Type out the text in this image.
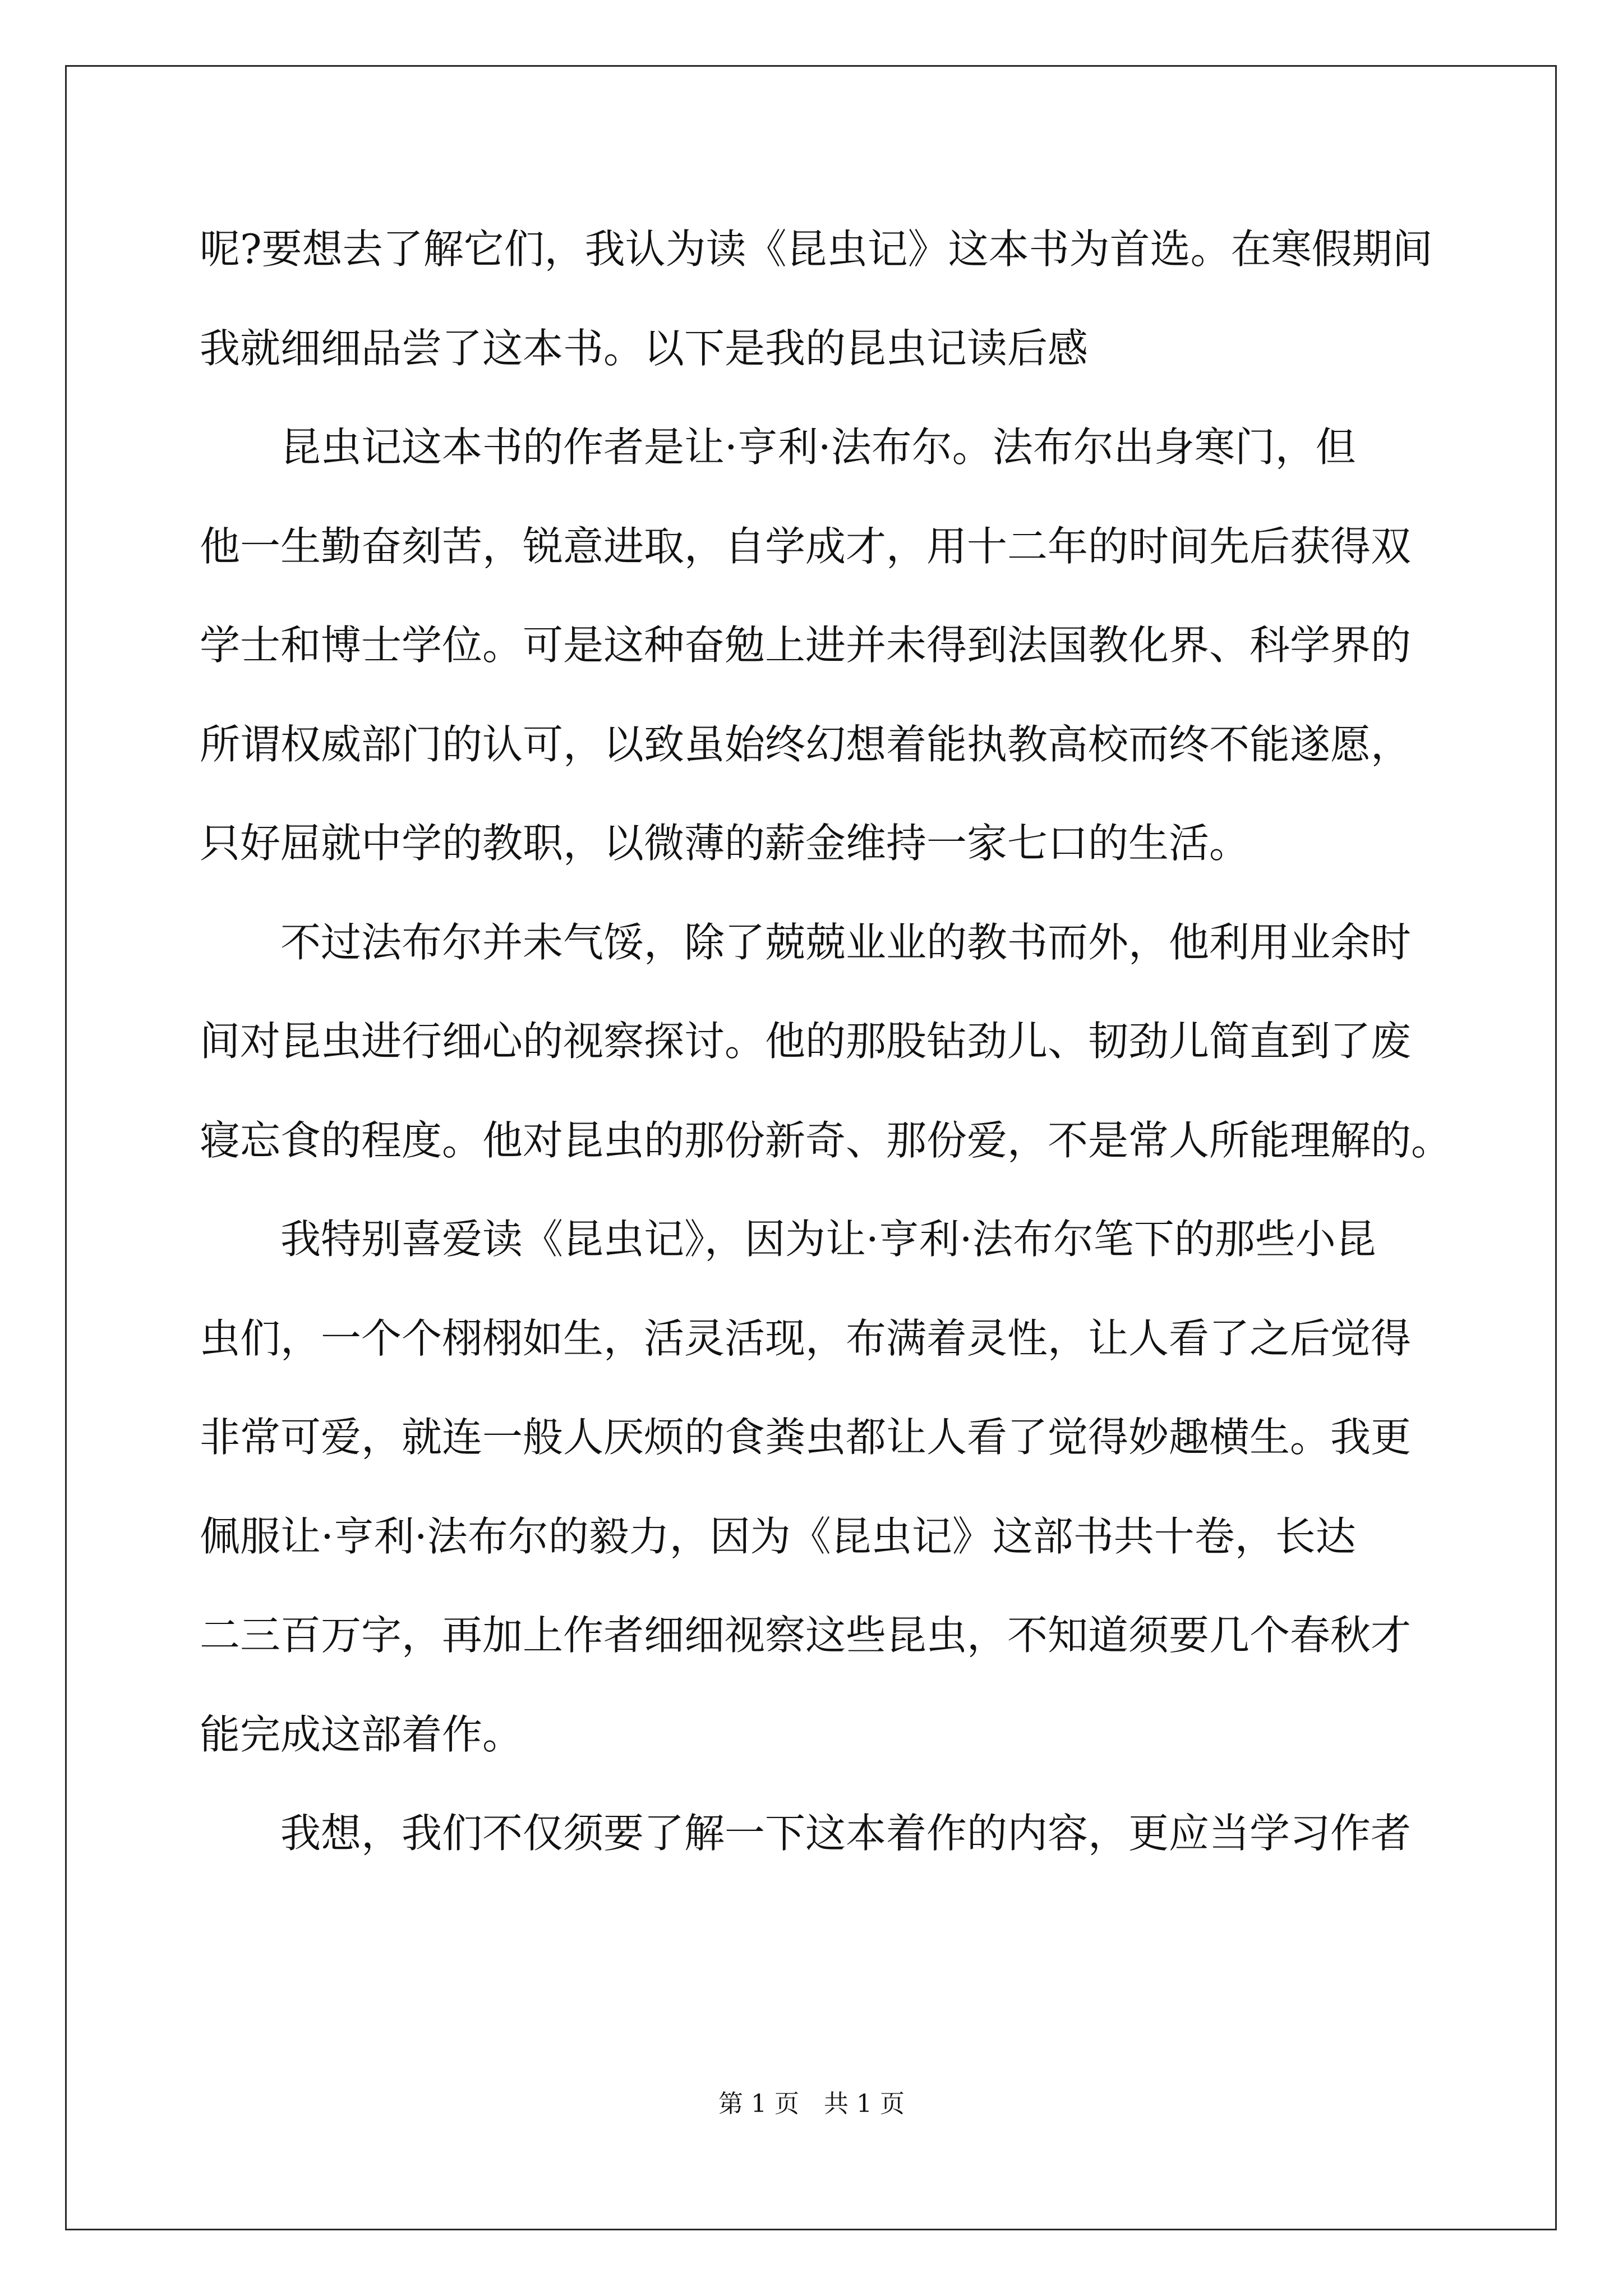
呢?要想去了解它们，我认为读《昆虫记》这本书为首选。在寒假期间
我就细细品尝了这本书。以下是我的昆虫记读后感
　　昆虫记这本书的作者是让·亨利·法布尔。法布尔出身寒门，但
他一生勤奋刻苦，锐意进取，自学成才，用十二年的时间先后获得双
学士和博士学位。可是这种奋勉上进并未得到法国教化界、科学界的
所谓权威部门的认可，以致虽始终幻想着能执教高校而终不能遂愿，
只好屈就中学的教职，以微薄的薪金维持一家七口的生活。
　　不过法布尔并未气馁，除了兢兢业业的教书而外，他利用业余时
间对昆虫进行细心的视察探讨。他的那股钻劲儿、韧劲儿简直到了废
寝忘食的程度。他对昆虫的那份新奇、那份爱，不是常人所能理解的。
　　我特别喜爱读《昆虫记》，因为让·亨利·法布尔笔下的那些小昆
虫们，一个个栩栩如生，活灵活现，布满着灵性，让人看了之后觉得
非常可爱，就连一般人厌烦的食粪虫都让人看了觉得妙趣横生。我更
佩服让·亨利·法布尔的毅力，因为《昆虫记》这部书共十卷，长达
二三百万字，再加上作者细细视察这些昆虫，不知道须要几个春秋才
能完成这部着作。
　　我想，我们不仅须要了解一下这本着作的内容，更应当学习作者
第 1 页　共 1 页
